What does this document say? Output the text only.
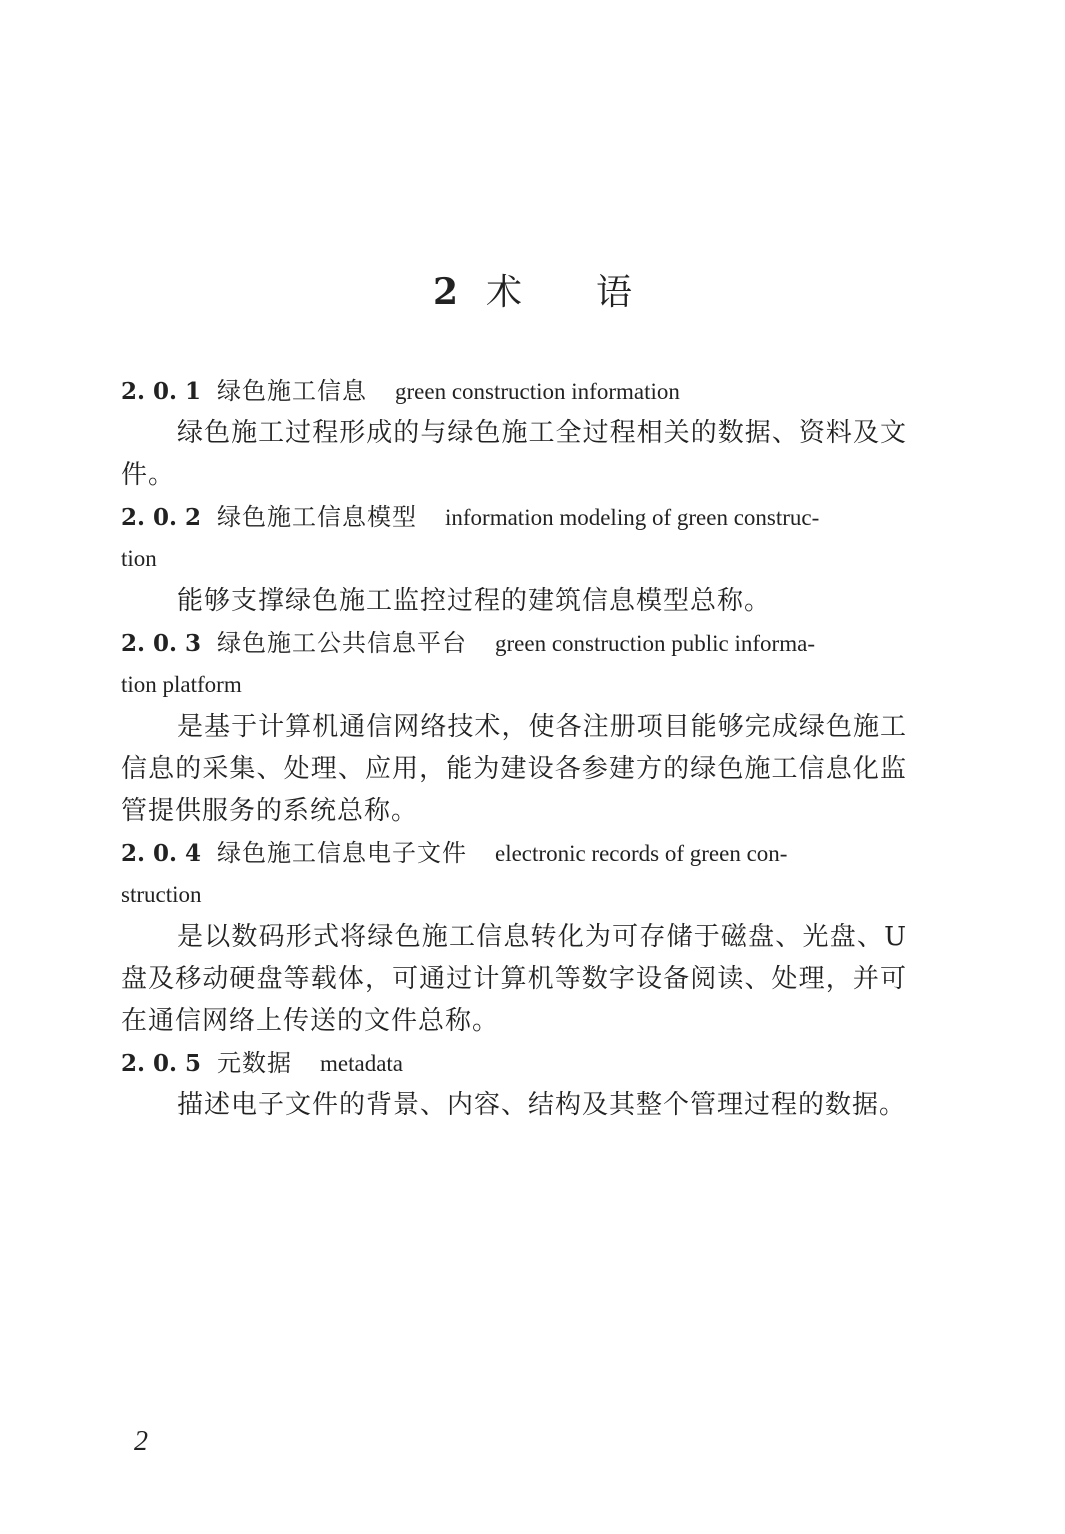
2 术 语
2. 0. 1 绿色施工信息 green construction information

绿色施工过程形成的与绿色施工全过程相关的数据、资料及文件。

2. 0. 2 绿色施工信息模型 information modeling of green construc-
tion

能够支撑绿色施工监控过程的建筑信息模型总称。

2. 0. 3 绿色施工公共信息平台 green construction public informa-
tion platform

是基于计算机通信网络技术，使各注册项目能够完成绿色施工信息的采集、处理、应用，能为建设各参建方的绿色施工信息化监管提供服务的系统总称。

2. 0. 4 绿色施工信息电子文件 electronic records of green con-
struction

是以数码形式将绿色施工信息转化为可存储于磁盘、光盘、U 盘及移动硬盘等载体，可通过计算机等数字设备阅读、处理，并可在通信网络上传送的文件总称。

2. 0. 5 元数据 metadata

描述电子文件的背景、内容、结构及其整个管理过程的数据。

2
